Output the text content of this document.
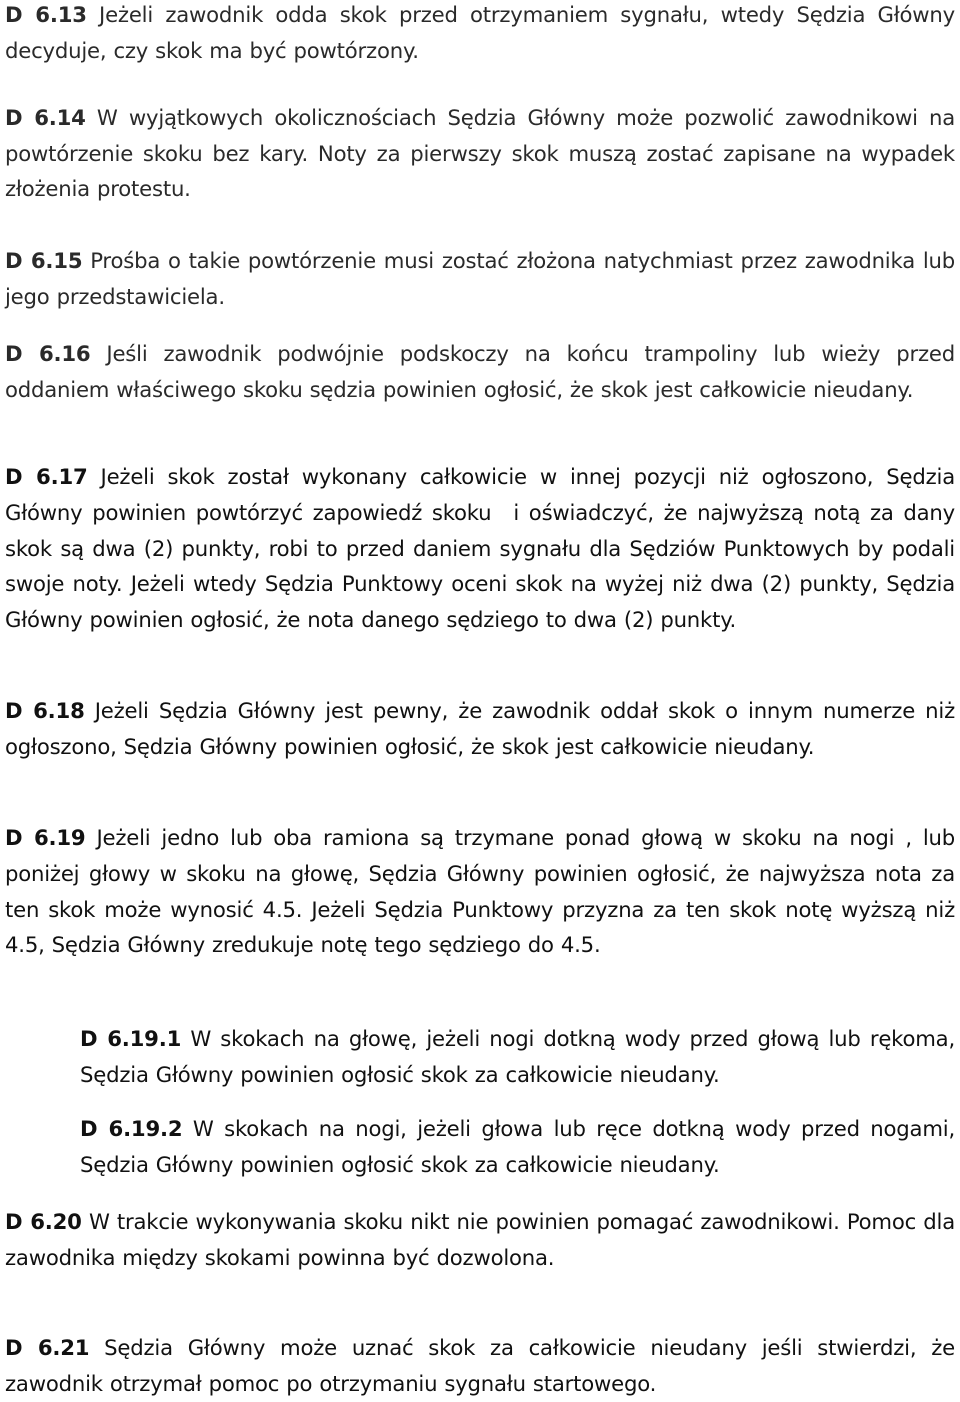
D 6.13 Jeżeli zawodnik odda skok przed otrzymaniem sygnału, wtedy Sędzia Główny decyduje, czy skok ma być powtórzony.

D 6.14 W wyjątkowych okolicznościach Sędzia Główny może pozwolić zawodnikowi na powtórzenie skoku bez kary. Noty za pierwszy skok muszą zostać zapisane na wypadek złożenia protestu.

D 6.15 Prośba o takie powtórzenie musi zostać złożona natychmiast przez zawodnika lub jego przedstawiciela.

D 6.16 Jeśli zawodnik podwójnie podskoczy na końcu trampoliny lub wieży przed oddaniem właściwego skoku sędzia powinien ogłosić, że skok jest całkowicie nieudany.

D 6.17 Jeżeli skok został wykonany całkowicie w innej pozycji niż ogłoszono, Sędzia Główny powinien powtórzyć zapowiedź skoku i oświadczyć, że najwyższą notą za dany skok są dwa (2) punkty, robi to przed daniem sygnału dla Sędziów Punktowych by podali swoje noty. Jeżeli wtedy Sędzia Punktowy oceni skok na wyżej niż dwa (2) punkty, Sędzia Główny powinien ogłosić, że nota danego sędziego to dwa (2) punkty.

D 6.18 Jeżeli Sędzia Główny jest pewny, że zawodnik oddał skok o innym numerze niż ogłoszono, Sędzia Główny powinien ogłosić, że skok jest całkowicie nieudany.

D 6.19 Jeżeli jedno lub oba ramiona są trzymane ponad głową w skoku na nogi , lub poniżej głowy w skoku na głowę, Sędzia Główny powinien ogłosić, że najwyższa nota za ten skok może wynosić 4.5. Jeżeli Sędzia Punktowy przyzna za ten skok notę wyższą niż 4.5, Sędzia Główny zredukuje notę tego sędziego do 4.5.

D 6.19.1 W skokach na głowę, jeżeli nogi dotkną wody przed głową lub rękoma, Sędzia Główny powinien ogłosić skok za całkowicie nieudany.

D 6.19.2 W skokach na nogi, jeżeli głowa lub ręce dotkną wody przed nogami, Sędzia Główny powinien ogłosić skok za całkowicie nieudany.

D 6.20 W trakcie wykonywania skoku nikt nie powinien pomagać zawodnikowi. Pomoc dla zawodnika między skokami powinna być dozwolona.

D 6.21 Sędzia Główny może uznać skok za całkowicie nieudany jeśli stwierdzi, że zawodnik otrzymał pomoc po otrzymaniu sygnału startowego.
